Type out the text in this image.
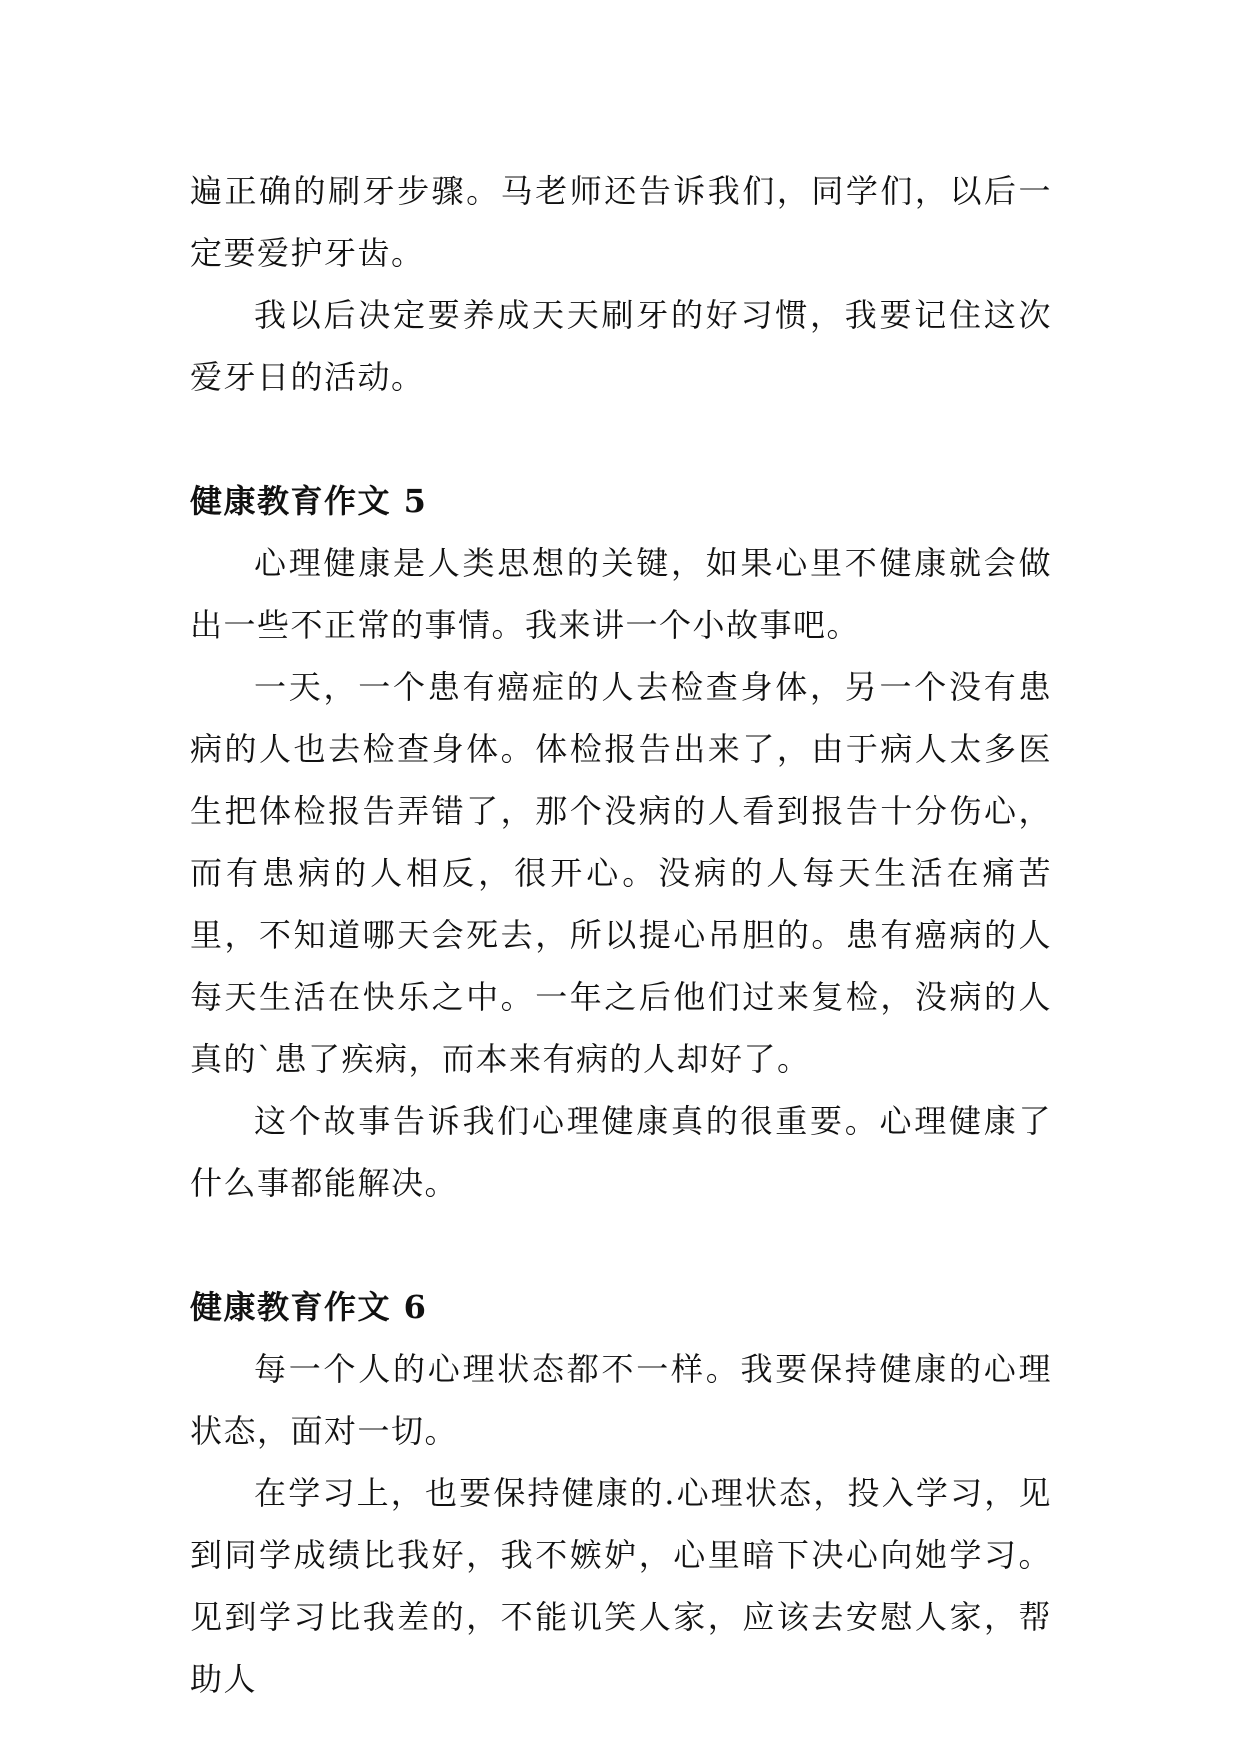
遍正确的刷牙步骤。马老师还告诉我们，同学们，以后一定要爱护牙齿。

我以后决定要养成天天刷牙的好习惯，我要记住这次爱牙日的活动。

健康教育作文 5

心理健康是人类思想的关键，如果心里不健康就会做出一些不正常的事情。我来讲一个小故事吧。

一天，一个患有癌症的人去检查身体，另一个没有患病的人也去检查身体。体检报告出来了，由于病人太多医生把体检报告弄错了，那个没病的人看到报告十分伤心，而有患病的人相反，很开心。没病的人每天生活在痛苦里，不知道哪天会死去，所以提心吊胆的。患有癌病的人每天生活在快乐之中。一年之后他们过来复检，没病的人真的`患了疾病，而本来有病的人却好了。

这个故事告诉我们心理健康真的很重要。心理健康了什么事都能解决。

健康教育作文 6

每一个人的心理状态都不一样。我要保持健康的心理状态，面对一切。

在学习上，也要保持健康的.心理状态，投入学习，见到同学成绩比我好，我不嫉妒，心里暗下决心向她学习。见到学习比我差的，不能讥笑人家，应该去安慰人家，帮助人
